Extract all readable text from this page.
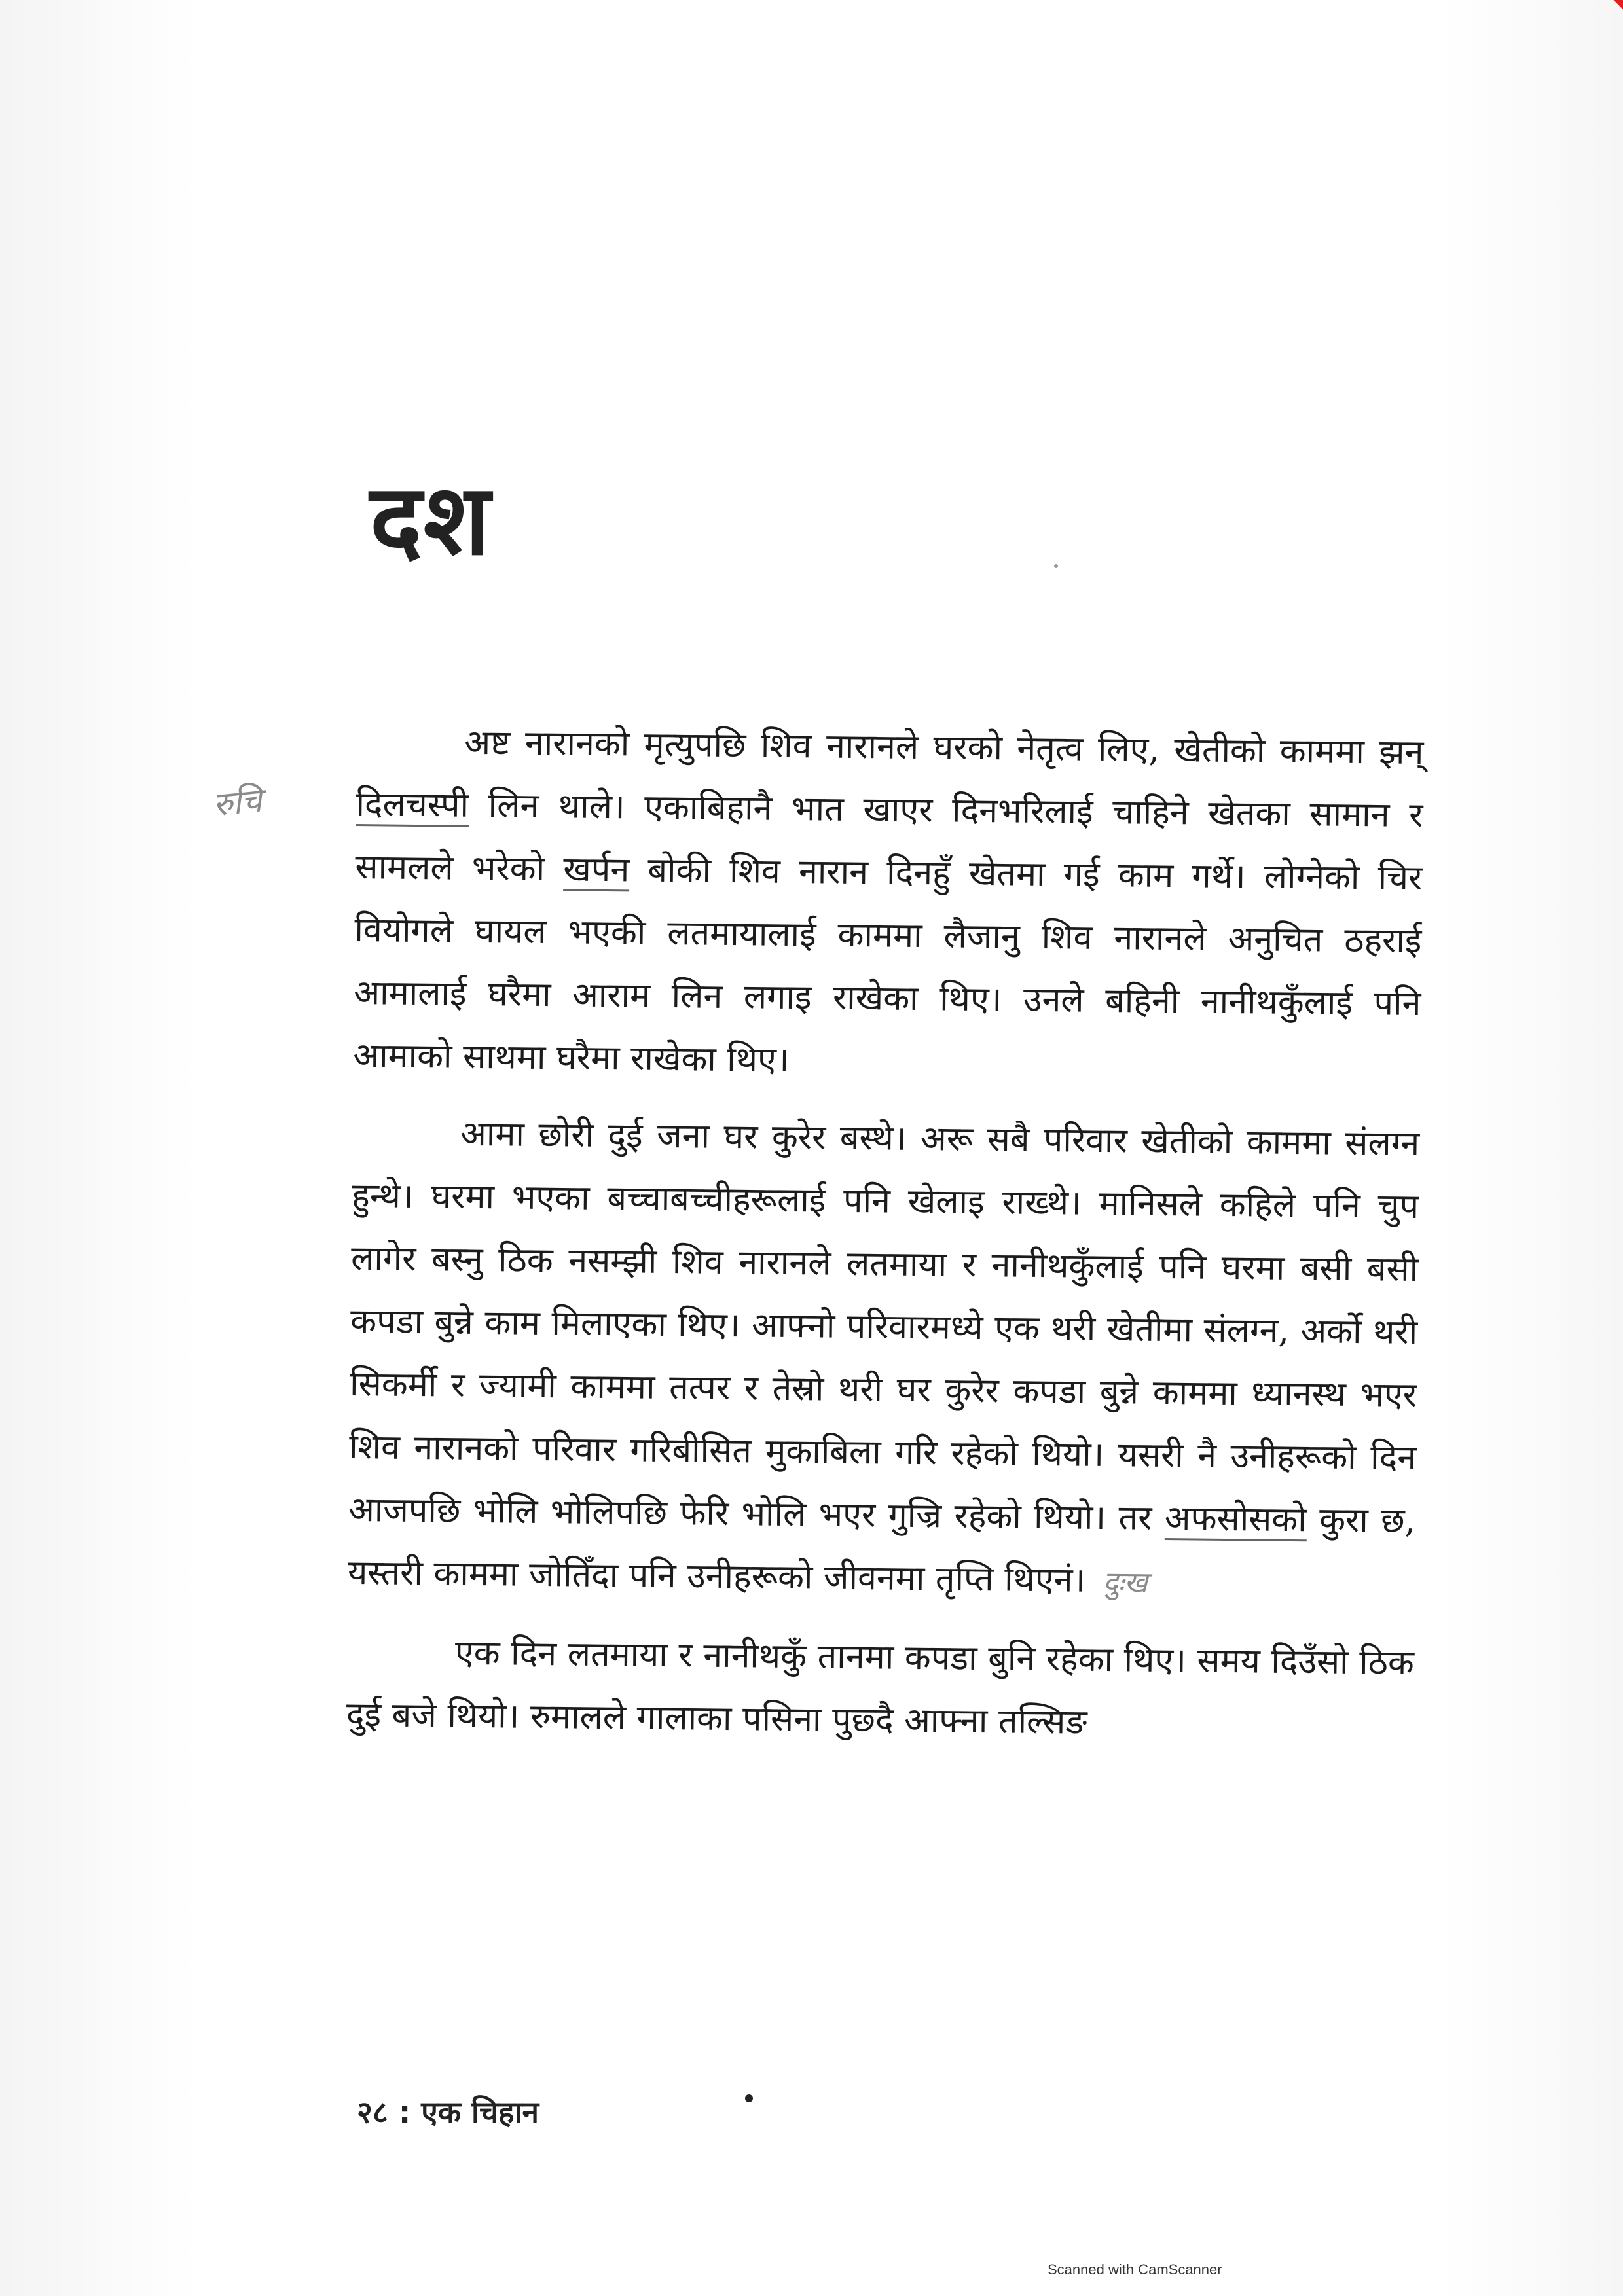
रुचि
दश

अष्ट नारानको मृत्युपछि शिव नारानले घरको नेतृत्व लिए, खेतीको काममा झन् दिलचस्पी लिन थाले। एकाबिहानै भात खाएर दिनभरिलाई चाहिने खेतका सामान र सामलले भरेको खर्पन बोकी शिव नारान दिनहुँ खेतमा गई काम गर्थे। लोग्नेको चिर वियोगले घायल भएकी लतमायालाई काममा लैजानु शिव नारानले अनुचित ठहराई आमालाई घरैमा आराम लिन लगाइ राखेका थिए। उनले बहिनी नानीथकुँलाई पनि आमाको साथमा घरैमा राखेका थिए।

आमा छोरी दुई जना घर कुरेर बस्थे। अरू सबै परिवार खेतीको काममा संलग्न हुन्थे। घरमा भएका बच्चाबच्चीहरूलाई पनि खेलाइ राख्थे। मानिसले कहिले पनि चुप लागेर बस्नु ठिक नसम्झी शिव नारानले लतमाया र नानीथकुँलाई पनि घरमा बसी बसी कपडा बुन्ने काम मिलाएका थिए। आफ्नो परिवारमध्ये एक थरी खेतीमा संलग्न, अर्को थरी सिकर्मी र ज्यामी काममा तत्पर र तेस्रो थरी घर कुरेर कपडा बुन्ने काममा ध्यानस्थ भएर शिव नारानको परिवार गरिबीसित मुकाबिला गरि रहेको थियो। यसरी नै उनीहरूको दिन आजपछि भोलि भोलिपछि फेरि भोलि भएर गुज्रि रहेको थियो। तर अफसोसको कुरा छ, यस्तरी काममा जोतिँदा पनि उनीहरूको जीवनमा तृप्ति थिएनं। दुःख

एक दिन लतमाया र नानीथकुँ तानमा कपडा बुनि रहेका थिए। समय दिउँसो ठिक दुई बजे थियो। रुमालले गालाका पसिना पुछ्दै आफ्ना तल्सिङ

२८ : एक चिहान
Scanned with CamScanner
